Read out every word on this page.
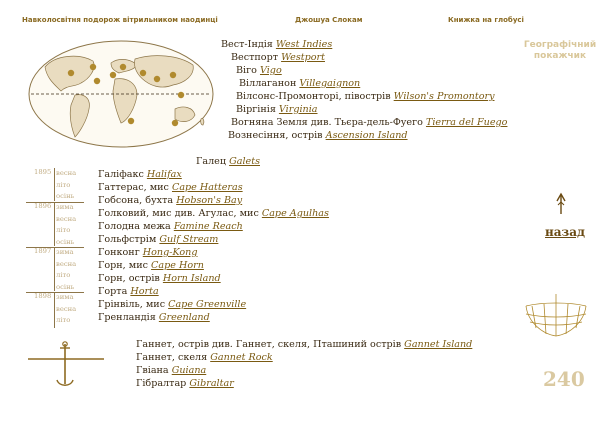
Навколосвітня подорож вітрильником наодинці	Джошуа Слокам	Книжка на глобусі
Географічний
покажчик
Вест-Індія West Indies
Вестпорт Westport
Віго Vigo
Віллаганон Villegaignon
Вілсонс-Промонторі, півострів Wilson's Promontory
Віргінія Virginia
Вогняна Земля див. Тьєра-дель-Фуего Tierra del Fuego
Вознесіння, острів Ascension Island
Галец Galets
1895 весна
літо
осінь
1896 зима
весна
літо
осінь
1897 зима
весна
літо
осінь
1898 зима
весна
літо
Галіфакс Halifax
Гаттерас, мис Cape Hatteras
Гобсона, бухта Hobson's Bay
Голковий, мис див. Агулас, мис Cape Agulhas
Голодна межа Famine Reach
Гольфстрім Gulf Stream
Гонконг Hong-Kong
Горн, мис Cape Horn
Горн, острів Horn Island
Горта Horta
Грінвіль, мис Cape Greenville
Гренландія Greenland
Ганнет, острів див. Ганнет, скеля, Пташиний острів Gannet Island
Ганнет, скеля Gannet Rock
Гвіана Guiana
Гібралтар Gibraltar
назад
240
